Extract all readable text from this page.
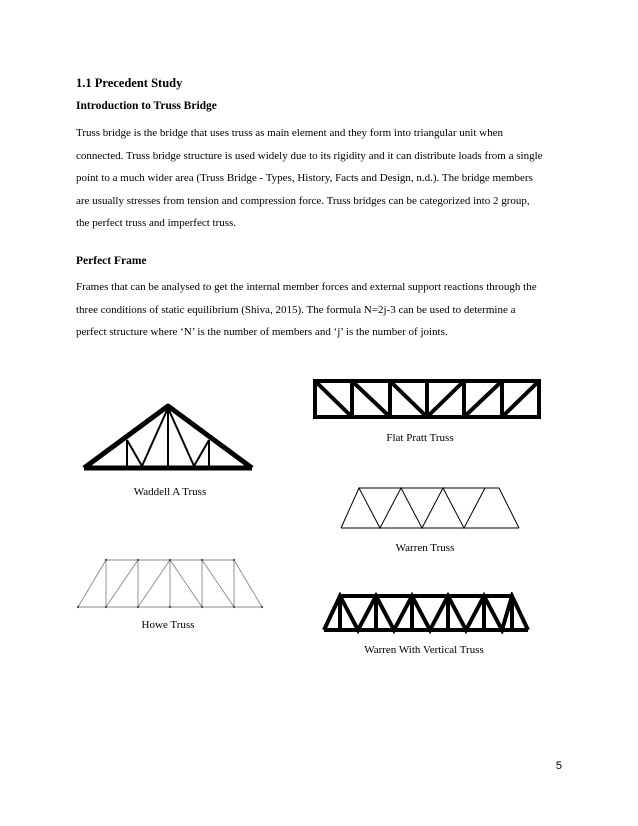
1.1 Precedent Study
Introduction to Truss Bridge

Truss bridge is the bridge that uses truss as main element and they form into triangular unit when
connected. Truss bridge structure is used widely due to its rigidity and it can distribute loads from a single
point to a much wider area (Truss Bridge - Types, History, Facts and Design, n.d.). The bridge members
are usually stresses from tension and compression force. Truss bridges can be categorized into 2 group,
the perfect truss and imperfect truss.

Perfect Frame

Frames that can be analysed to get the internal member forces and external support reactions through the
three conditions of static equilibrium (Shiva, 2015). The formula N=2j-3 can be used to determine a
perfect structure where ‘N’ is the number of members and ‘j’ is the number of joints.

Flat Pratt Truss
Waddell A Truss
Warren Truss
Howe Truss
Warren With Vertical Truss
5
